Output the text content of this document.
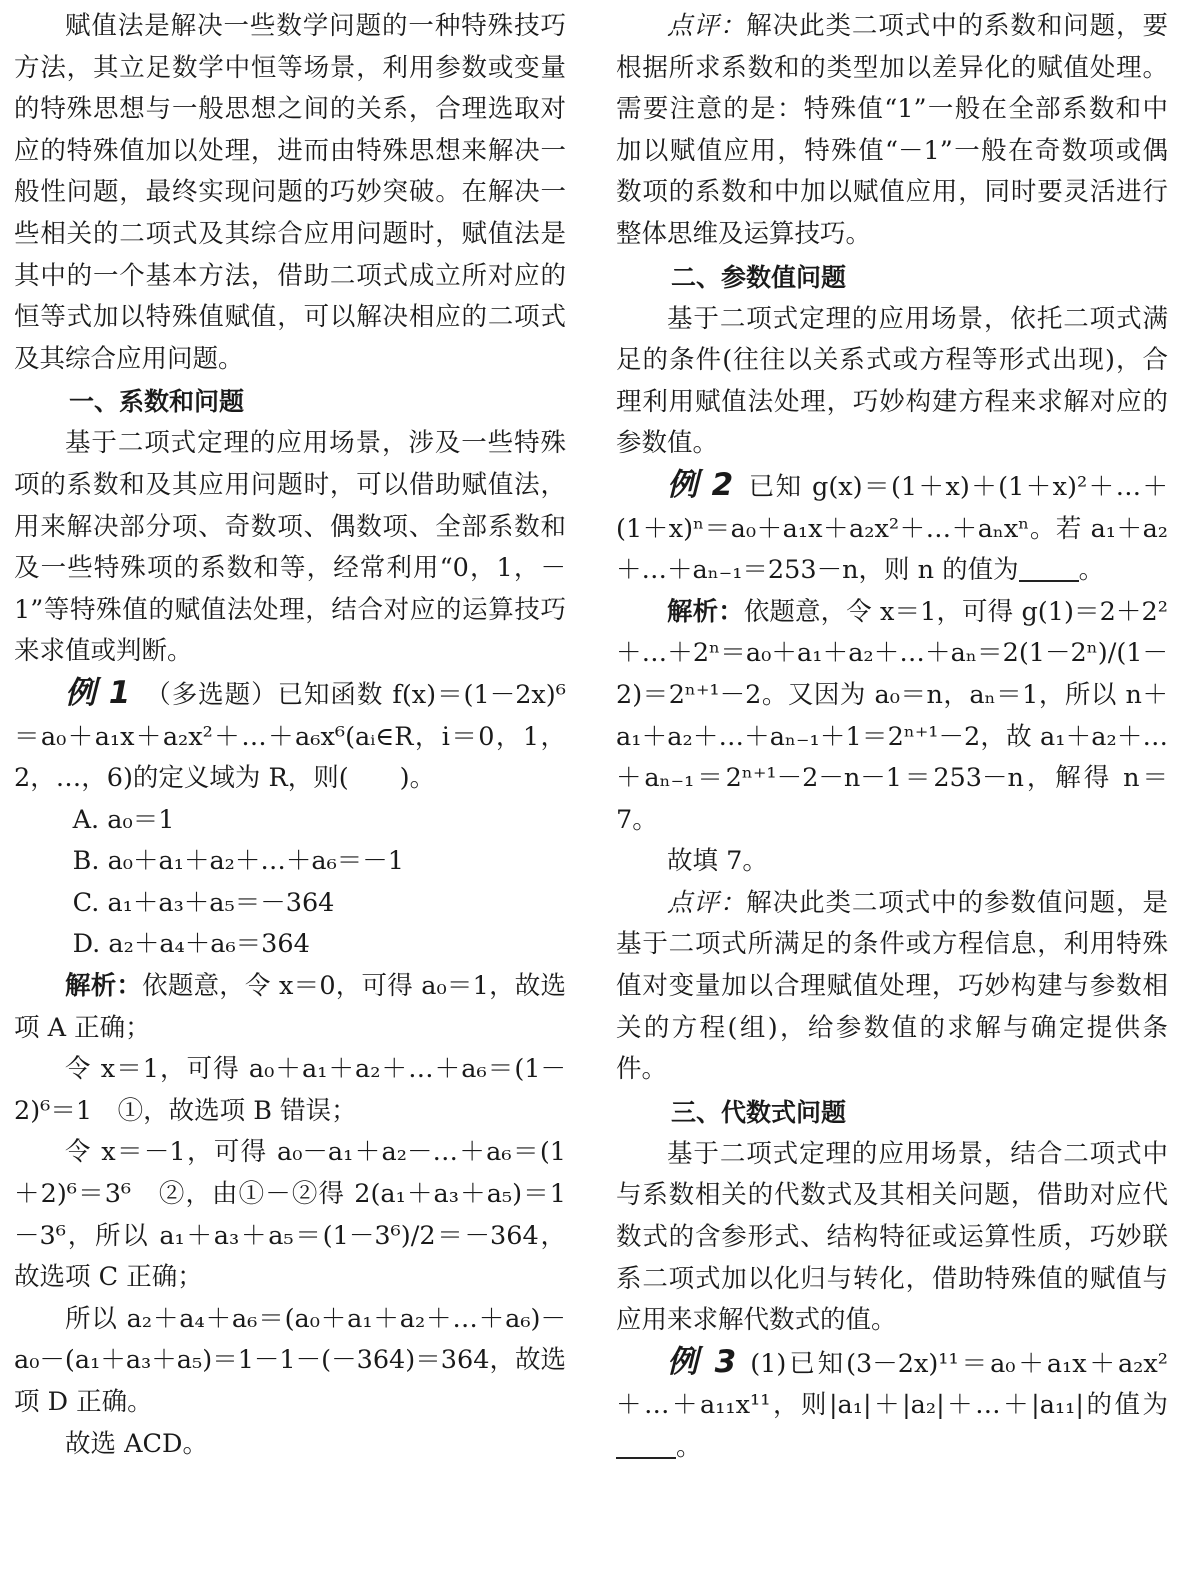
赋值法是解决一些数学问题的一种特殊技巧方法，其立足数学中恒等场景，利用参数或变量的特殊思想与一般思想之间的关系，合理选取对应的特殊值加以处理，进而由特殊思想来解决一般性问题，最终实现问题的巧妙突破。在解决一些相关的二项式及其综合应用问题时，赋值法是其中的一个基本方法，借助二项式成立所对应的恒等式加以特殊值赋值，可以解决相应的二项式及其综合应用问题。

一、系数和问题

基于二项式定理的应用场景，涉及一些特殊项的系数和及其应用问题时，可以借助赋值法，用来解决部分项、奇数项、偶数项、全部系数和及一些特殊项的系数和等，经常利用“0，1，－1”等特殊值的赋值法处理，结合对应的运算技巧来求值或判断。

例 1 （多选题）已知函数 f(x)＝(1－2x)⁶＝a₀＋a₁x＋a₂x²＋…＋a₆x⁶(aᵢ∈R，i＝0，1，2，…，6)的定义域为 R，则(　　)。

A. a₀＝1

B. a₀＋a₁＋a₂＋…＋a₆＝－1

C. a₁＋a₃＋a₅＝－364

D. a₂＋a₄＋a₆＝364

解析：依题意，令 x＝0，可得 a₀＝1，故选项 A 正确；

令 x＝1，可得 a₀＋a₁＋a₂＋…＋a₆＝(1－2)⁶＝1　①，故选项 B 错误；

令 x＝－1，可得 a₀－a₁＋a₂－…＋a₆＝(1＋2)⁶＝3⁶　②，由①－②得 2(a₁＋a₃＋a₅)＝1－3⁶，所以 a₁＋a₃＋a₅＝(1－3⁶)/2＝－364，故选项 C 正确；

所以 a₂＋a₄＋a₆＝(a₀＋a₁＋a₂＋…＋a₆)－a₀－(a₁＋a₃＋a₅)＝1－1－(－364)＝364，故选项 D 正确。

故选 ACD。

点评：解决此类二项式中的系数和问题，要根据所求系数和的类型加以差异化的赋值处理。需要注意的是：特殊值“1”一般在全部系数和中加以赋值应用，特殊值“－1”一般在奇数项或偶数项的系数和中加以赋值应用，同时要灵活进行整体思维及运算技巧。

二、参数值问题

基于二项式定理的应用场景，依托二项式满足的条件(往往以关系式或方程等形式出现)，合理利用赋值法处理，巧妙构建方程来求解对应的参数值。

例 2 已知 g(x)＝(1＋x)＋(1＋x)²＋…＋(1＋x)ⁿ＝a₀＋a₁x＋a₂x²＋…＋aₙxⁿ。若 a₁＋a₂＋…＋aₙ₋₁＝253－n，则 n 的值为 。

解析：依题意，令 x＝1，可得 g(1)＝2＋2²＋…＋2ⁿ＝a₀＋a₁＋a₂＋…＋aₙ＝2(1－2ⁿ)/(1－2)＝2ⁿ⁺¹－2。又因为 a₀＝n，aₙ＝1，所以 n＋a₁＋a₂＋…＋aₙ₋₁＋1＝2ⁿ⁺¹－2，故 a₁＋a₂＋…＋aₙ₋₁＝2ⁿ⁺¹－2－n－1＝253－n，解得 n＝7。

故填 7。

点评：解决此类二项式中的参数值问题，是基于二项式所满足的条件或方程信息，利用特殊值对变量加以合理赋值处理，巧妙构建与参数相关的方程(组)，给参数值的求解与确定提供条件。

三、代数式问题

基于二项式定理的应用场景，结合二项式中与系数相关的代数式及其相关问题，借助对应代数式的含参形式、结构特征或运算性质，巧妙联系二项式加以化归与转化，借助特殊值的赋值与应用来求解代数式的值。

例 3 (1)已知(3－2x)¹¹＝a₀＋a₁x＋a₂x²＋…＋a₁₁x¹¹，则|a₁|＋|a₂|＋…＋|a₁₁|的值为。
